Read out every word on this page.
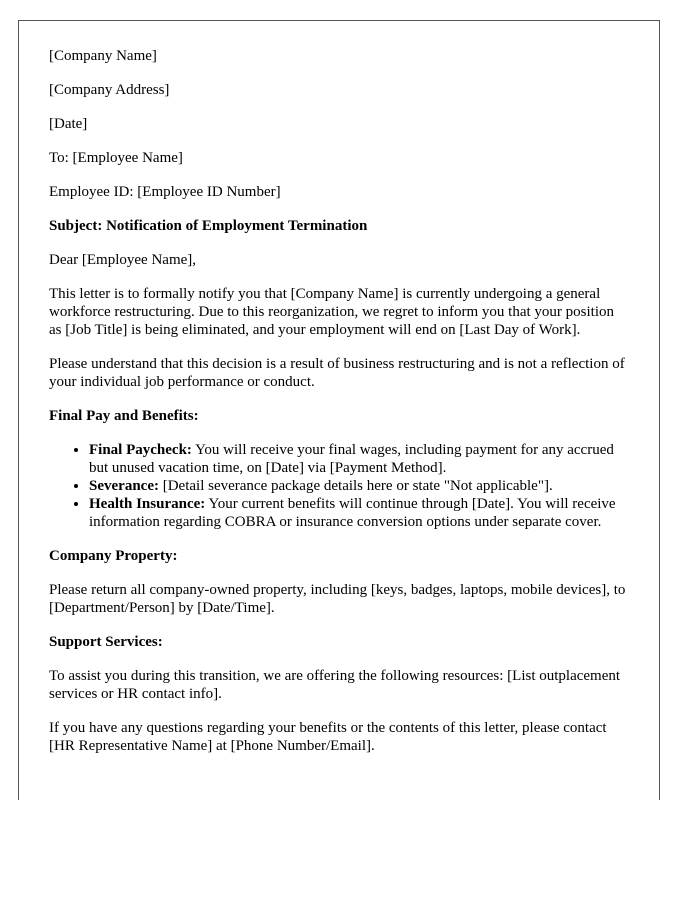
[Company Name]
[Company Address]
[Date]
To: [Employee Name]
Employee ID: [Employee ID Number]
Subject: Notification of Employment Termination
Dear [Employee Name],

This letter is to formally notify you that [Company Name] is currently undergoing a general workforce restructuring. Due to this reorganization, we regret to inform you that your position as [Job Title] is being eliminated, and your employment will end on [Last Day of Work].

Please understand that this decision is a result of business restructuring and is not a reflection of your individual job performance or conduct.

Final Pay and Benefits:
• Final Paycheck: You will receive your final wages, including payment for any accrued but unused vacation time, on [Date] via [Payment Method].
• Severance: [Detail severance package details here or state "Not applicable"].
• Health Insurance: Your current benefits will continue through [Date]. You will receive information regarding COBRA or insurance conversion options under separate cover.
Company Property:

Please return all company-owned property, including [keys, badges, laptops, mobile devices], to [Department/Person] by [Date/Time].

Support Services:

To assist you during this transition, we are offering the following resources: [List outplacement services or HR contact info].

If you have any questions regarding your benefits or the contents of this letter, please contact [HR Representative Name] at [Phone Number/Email].
